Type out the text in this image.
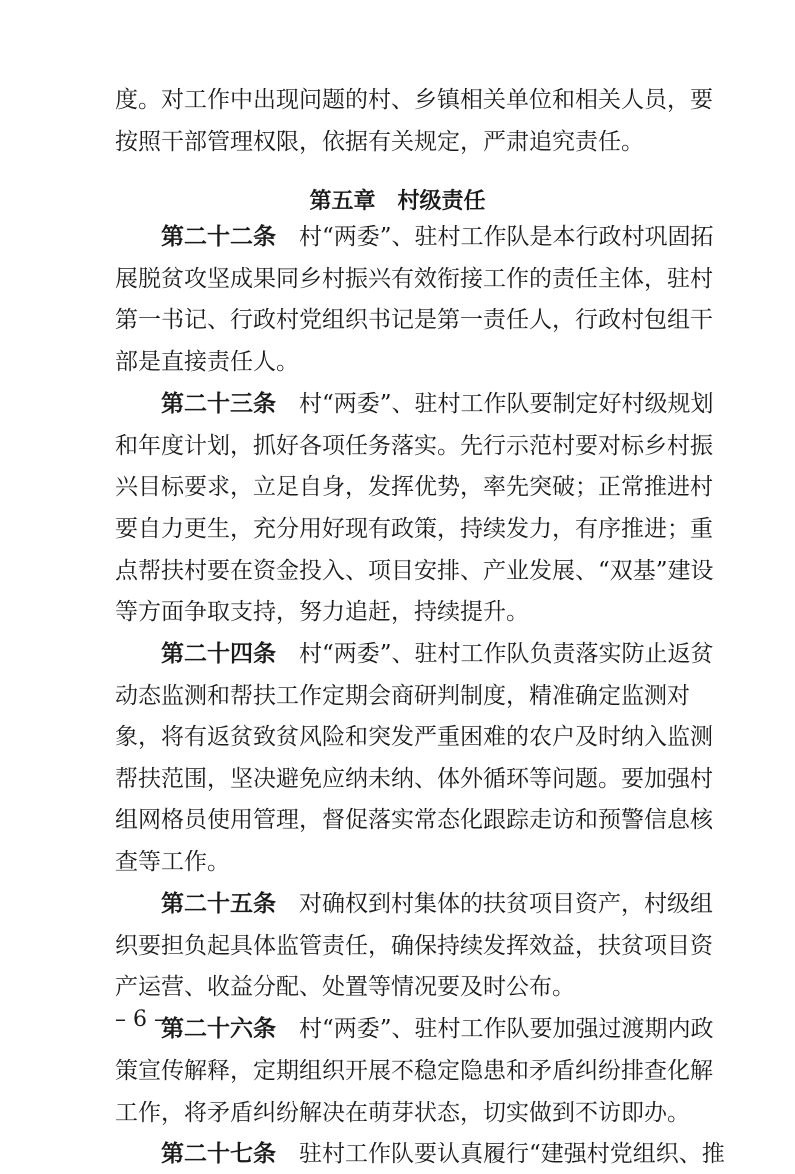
度。对工作中出现问题的村、乡镇相关单位和相关人员，要
按照干部管理权限，依据有关规定，严肃追究责任。
第五章 村级责任
第二十二条  村“两委”、驻村工作队是本行政村巩固拓
展脱贫攻坚成果同乡村振兴有效衔接工作的责任主体，驻村
第一书记、行政村党组织书记是第一责任人，行政村包组干
部是直接责任人。
第二十三条  村“两委”、驻村工作队要制定好村级规划
和年度计划，抓好各项任务落实。先行示范村要对标乡村振
兴目标要求，立足自身，发挥优势，率先突破；正常推进村
要自力更生，充分用好现有政策，持续发力，有序推进；重
点帮扶村要在资金投入、项目安排、产业发展、“双基”建设
等方面争取支持，努力追赶，持续提升。
第二十四条  村“两委”、驻村工作队负责落实防止返贫
动态监测和帮扶工作定期会商研判制度，精准确定监测对
象，将有返贫致贫风险和突发严重困难的农户及时纳入监测
帮扶范围，坚决避免应纳未纳、体外循环等问题。要加强村
组网格员使用管理，督促落实常态化跟踪走访和预警信息核
查等工作。
第二十五条  对确权到村集体的扶贫项目资产，村级组
织要担负起具体监管责任，确保持续发挥效益，扶贫项目资
产运营、收益分配、处置等情况要及时公布。
第二十六条  村“两委”、驻村工作队要加强过渡期内政
策宣传解释，定期组织开展不稳定隐患和矛盾纠纷排查化解
工作，将矛盾纠纷解决在萌芽状态，切实做到不访即办。
第二十七条  驻村工作队要认真履行“建强村党组织、推
– 6 –
